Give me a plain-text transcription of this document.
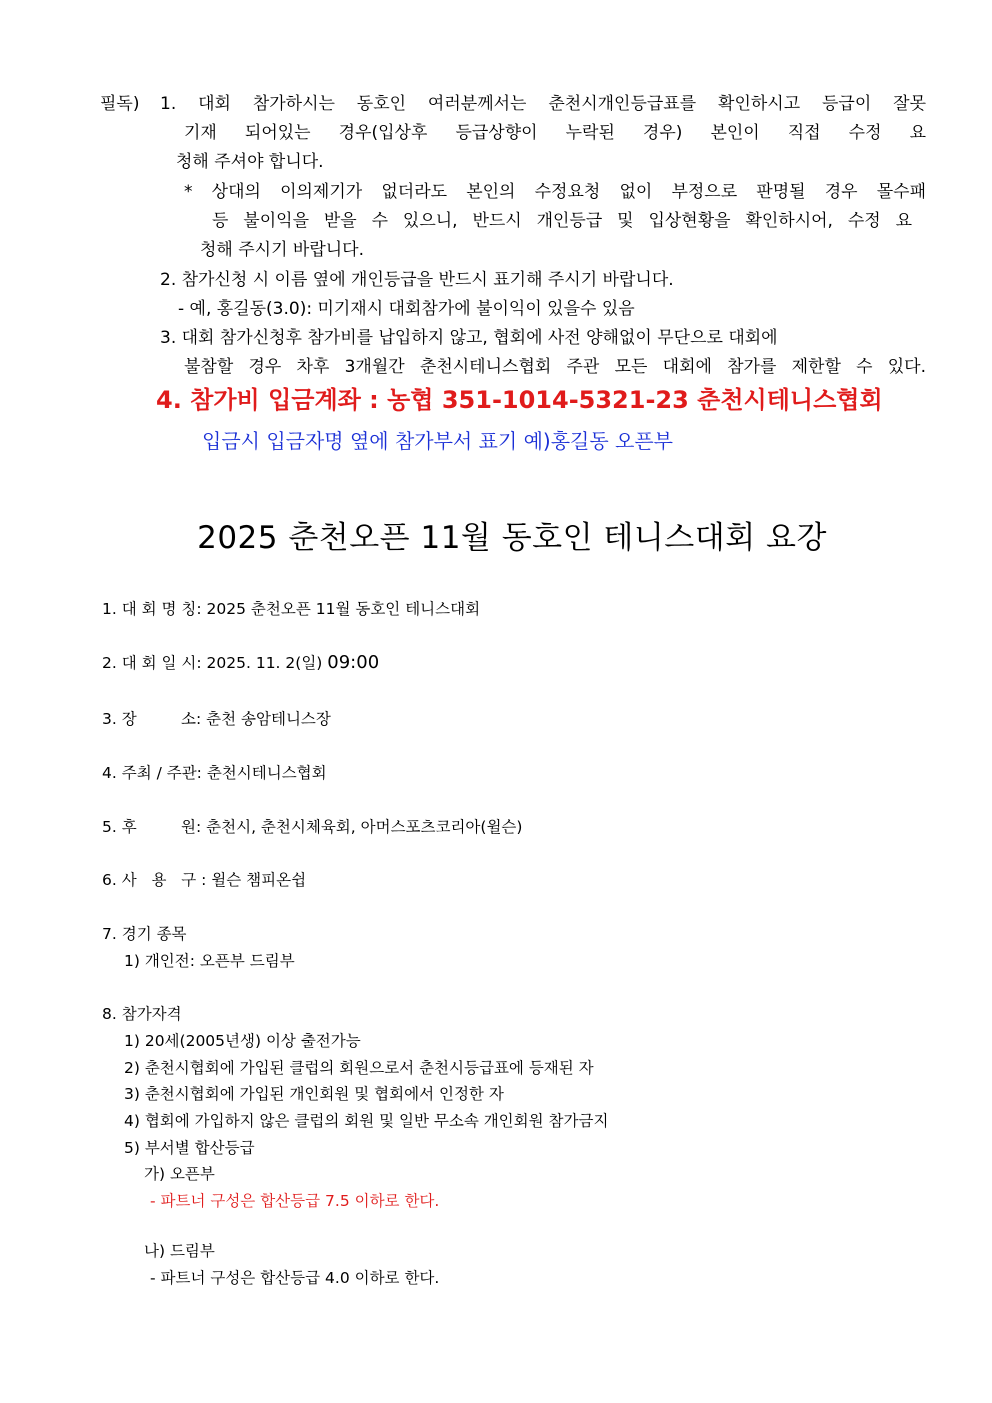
필독) 1. 대회 참가하시는 동호인 여러분께서는 춘천시개인등급표를 확인하시고 등급이 잘못
기재 되어있는 경우(입상후 등급상향이 누락된 경우) 본인이 직접 수정 요
청해 주셔야 합니다.
* 상대의 이의제기가 없더라도 본인의 수정요청 없이 부정으로 판명될 경우 몰수패
등 불이익을 받을 수 있으니, 반드시 개인등급 및 입상현황을 확인하시어, 수정 요
청해 주시기 바랍니다.
2. 참가신청 시 이름 옆에 개인등급을 반드시 표기해 주시기 바랍니다.
- 예, 홍길동(3.0): 미기재시 대회참가에 불이익이 있을수 있음
3. 대회 참가신청후 참가비를 납입하지 않고, 협회에 사전 양해없이 무단으로 대회에
불참할 경우 차후 3개월간 춘천시테니스협회 주관 모든 대회에 참가를 제한할 수 있다.
4. 참가비 입금계좌 : 농협 351-1014-5321-23 춘천시테니스협회
입금시 입금자명 옆에 참가부서 표기 예)홍길동 오픈부
2025 춘천오픈 11월 동호인 테니스대회 요강
1. 대 회 명 칭: 2025 춘천오픈 11월 동호인 테니스대회
2. 대 회 일 시: 2025. 11. 2(일) 09:00
3. 장         소: 춘천 송암테니스장
4. 주최 / 주관: 춘천시테니스협회
5. 후         원: 춘천시, 춘천시체육회, 아머스포츠코리아(윌슨)
6. 사   용   구 : 윌슨 챔피온쉽
7. 경기 종목
1) 개인전: 오픈부 드림부
8. 참가자격
1) 20세(2005년생) 이상 출전가능
2) 춘천시협회에 가입된 클럽의 회원으로서 춘천시등급표에 등재된 자
3) 춘천시협회에 가입된 개인회원 및 협회에서 인정한 자
4) 협회에 가입하지 않은 클럽의 회원 및 일반 무소속 개인회원 참가금지
5) 부서별 합산등급
가) 오픈부
- 파트너 구성은 합산등급 7.5 이하로 한다.
나) 드림부
- 파트너 구성은 합산등급 4.0 이하로 한다.
